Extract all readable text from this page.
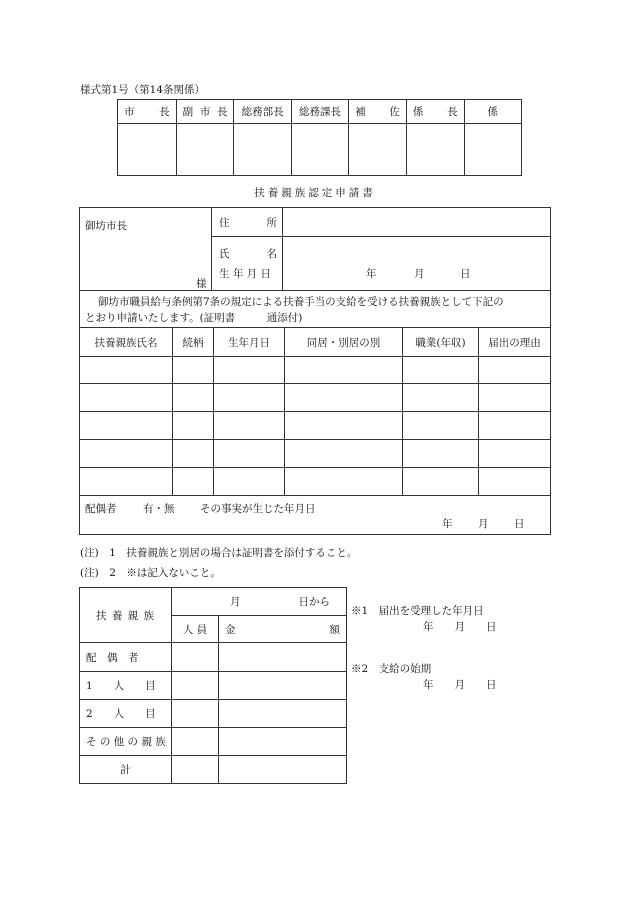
様式第1号（第14条関係）
市 長	副 市 長	総務部長	総務課長	補 佐	係 長	係

扶養親族認定申請書
御坊市長
様
住	所
氏	名
生 年 月 日	年	月	日
御坊市職員給与条例第7条の規定による扶養手当の支給を受ける扶養親族として下記の
とおり申請いたします。(証明書　　　通添付)
扶養親族氏名	続柄	生年月日	同居・別居の別	職業(年収)	届出の理由

配偶者	有・無 その事実が生じた年月日
年 月 日
(注)　1　扶養親族と別居の場合は証明書を添付すること。
(注)　2　※は記入ないこと。
扶 養 親 族	月 日から	

	人 員	金 額

配　偶　者		
1　　人　　目		
2　　人　　目		
そ の 他 の 親 族		
計		
※1　届出を受理した年月日
年　　月　　日
※2　支給の始期
年　　月　　日
